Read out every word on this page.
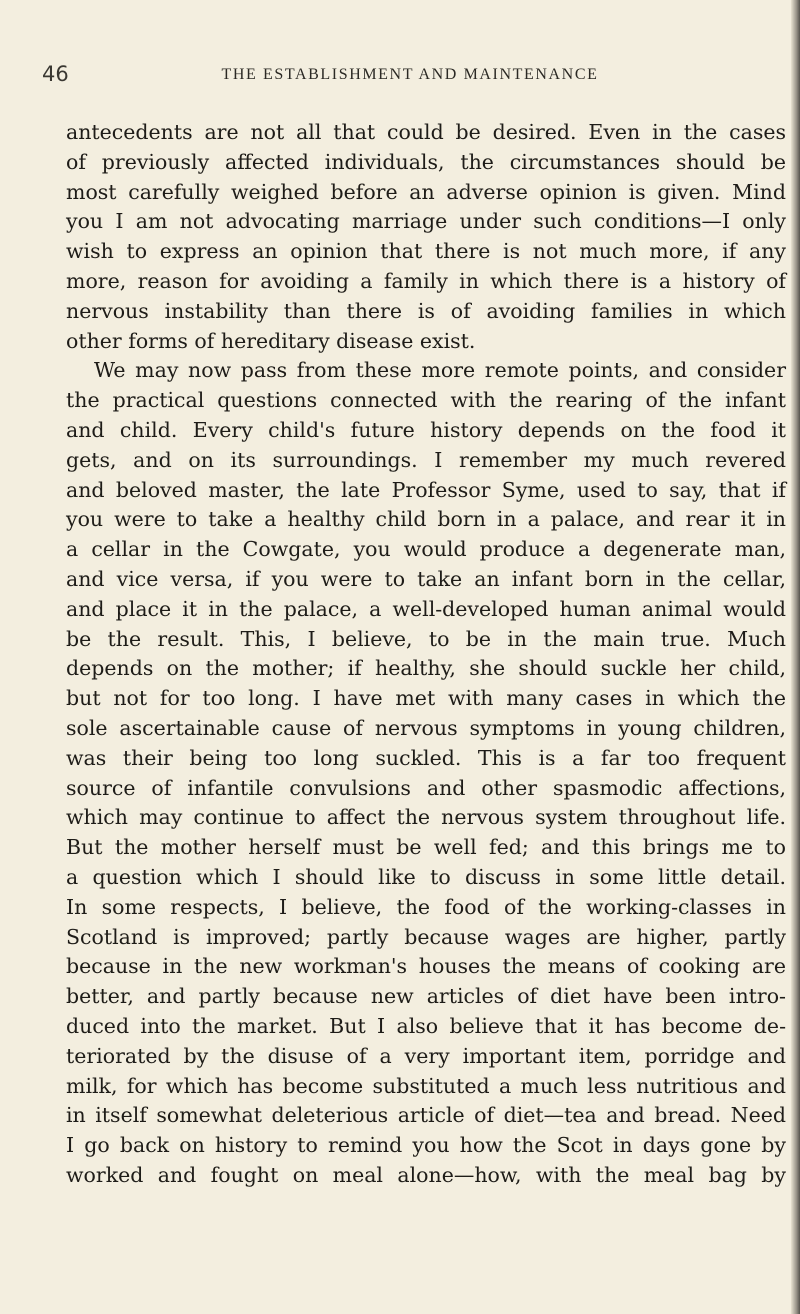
46	THE ESTABLISHMENT AND MAINTENANCE
antecedents are not all that could be desired. Even in the cases
of previously affected individuals, the circumstances should be
most carefully weighed before an adverse opinion is given. Mind
you I am not advocating marriage under such conditions—I only
wish to express an opinion that there is not much more, if any
more, reason for avoiding a family in which there is a history of
nervous instability than there is of avoiding families in which
other forms of hereditary disease exist.
We may now pass from these more remote points, and consider
the practical questions connected with the rearing of the infant
and child. Every child's future history depends on the food it
gets, and on its surroundings. I remember my much revered
and beloved master, the late Professor Syme, used to say, that if
you were to take a healthy child born in a palace, and rear it in
a cellar in the Cowgate, you would produce a degenerate man,
and vice versa, if you were to take an infant born in the cellar,
and place it in the palace, a well-developed human animal would
be the result. This, I believe, to be in the main true. Much
depends on the mother; if healthy, she should suckle her child,
but not for too long. I have met with many cases in which the
sole ascertainable cause of nervous symptoms in young children,
was their being too long suckled. This is a far too frequent
source of infantile convulsions and other spasmodic affections,
which may continue to affect the nervous system throughout life.
But the mother herself must be well fed; and this brings me to
a question which I should like to discuss in some little detail.
In some respects, I believe, the food of the working-classes in
Scotland is improved; partly because wages are higher, partly
because in the new workman's houses the means of cooking are
better, and partly because new articles of diet have been intro-
duced into the market. But I also believe that it has become de-
teriorated by the disuse of a very important item, porridge and
milk, for which has become substituted a much less nutritious and
in itself somewhat deleterious article of diet—tea and bread. Need
I go back on history to remind you how the Scot in days gone by
worked and fought on meal alone—how, with the meal bag by
